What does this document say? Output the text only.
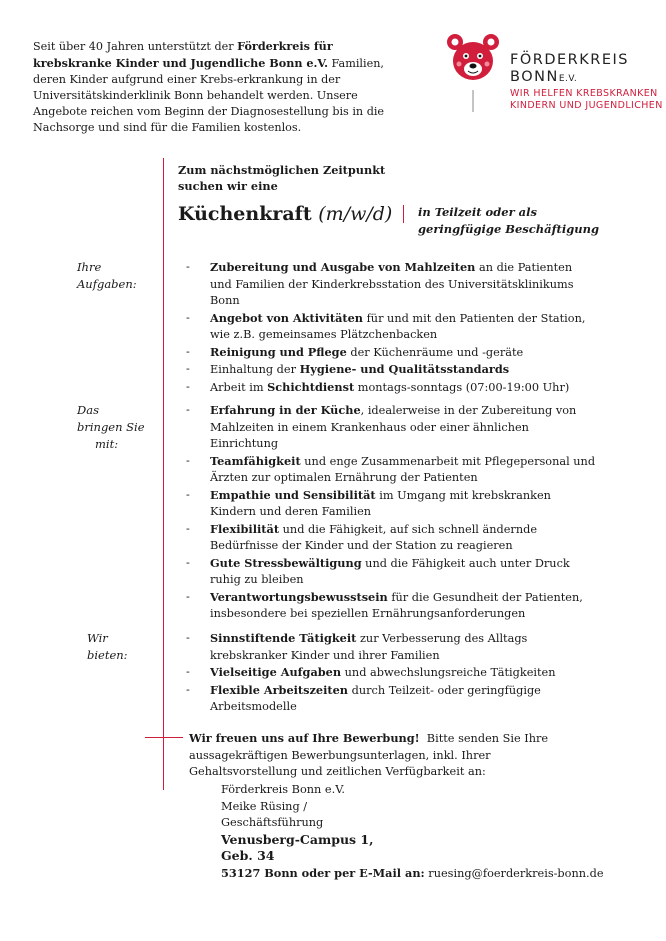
Seit über 40 Jahren unterstützt der Förderkreis für krebskranke Kinder und Jugendliche Bonn e.V. Familien, deren Kinder aufgrund einer Krebs-erkrankung in der Universitätskinderklinik Bonn behandelt werden. Unsere Angebote reichen vom Beginn der Diagnosestellung bis in die Nachsorge und sind für die Familien kostenlos.
FÖRDERKREIS
BONNE.V.
WIR HELFEN KREBSKRANKEN
KINDERN UND JUGENDLICHEN
Zum nächstmöglichen Zeitpunkt suchen wir eine
Küchenkraft (m/w/d) in Teilzeit oder als geringfügige Beschäftigung
Ihre
Aufgaben:
- Zubereitung und Ausgabe von Mahlzeiten an die Patienten und Familien der Kinderkrebsstation des Universitätsklinikums Bonn
- Angebot von Aktivitäten für und mit den Patienten der Station, wie z.B. gemeinsames Plätzchenbacken
- Reinigung und Pflege der Küchenräume und -geräte
- Einhaltung der Hygiene- und Qualitätsstandards
- Arbeit im Schichtdienst montags-sonntags (07:00-19:00 Uhr)
Das
bringen Sie
mit:
- Erfahrung in der Küche, idealerweise in der Zubereitung von Mahlzeiten in einem Krankenhaus oder einer ähnlichen Einrichtung
- Teamfähigkeit und enge Zusammenarbeit mit Pflegepersonal und Ärzten zur optimalen Ernährung der Patienten
- Empathie und Sensibilität im Umgang mit krebskranken Kindern und deren Familien
- Flexibilität und die Fähigkeit, auf sich schnell ändernde Bedürfnisse der Kinder und der Station zu reagieren
- Gute Stressbewältigung und die Fähigkeit auch unter Druck ruhig zu bleiben
- Verantwortungsbewusstsein für die Gesundheit der Patienten, insbesondere bei speziellen Ernährungsanforderungen
Wir
bieten:
- Sinnstiftende Tätigkeit zur Verbesserung des Alltags krebskranker Kinder und ihrer Familien
- Vielseitige Aufgaben und abwechslungsreiche Tätigkeiten
- Flexible Arbeitszeiten durch Teilzeit- oder geringfügige Arbeitsmodelle
Wir freuen uns auf Ihre Bewerbung!  Bitte senden Sie Ihre aussagekräftigen Bewerbungsunterlagen, inkl. Ihrer Gehaltsvorstellung und zeitlichen Verfügbarkeit an:
Förderkreis Bonn e.V.
Meike Rüsing /
Geschäftsführung
Venusberg-Campus 1,
Geb. 34
53127 Bonn oder per E-Mail an: ruesing@foerderkreis-bonn.de
